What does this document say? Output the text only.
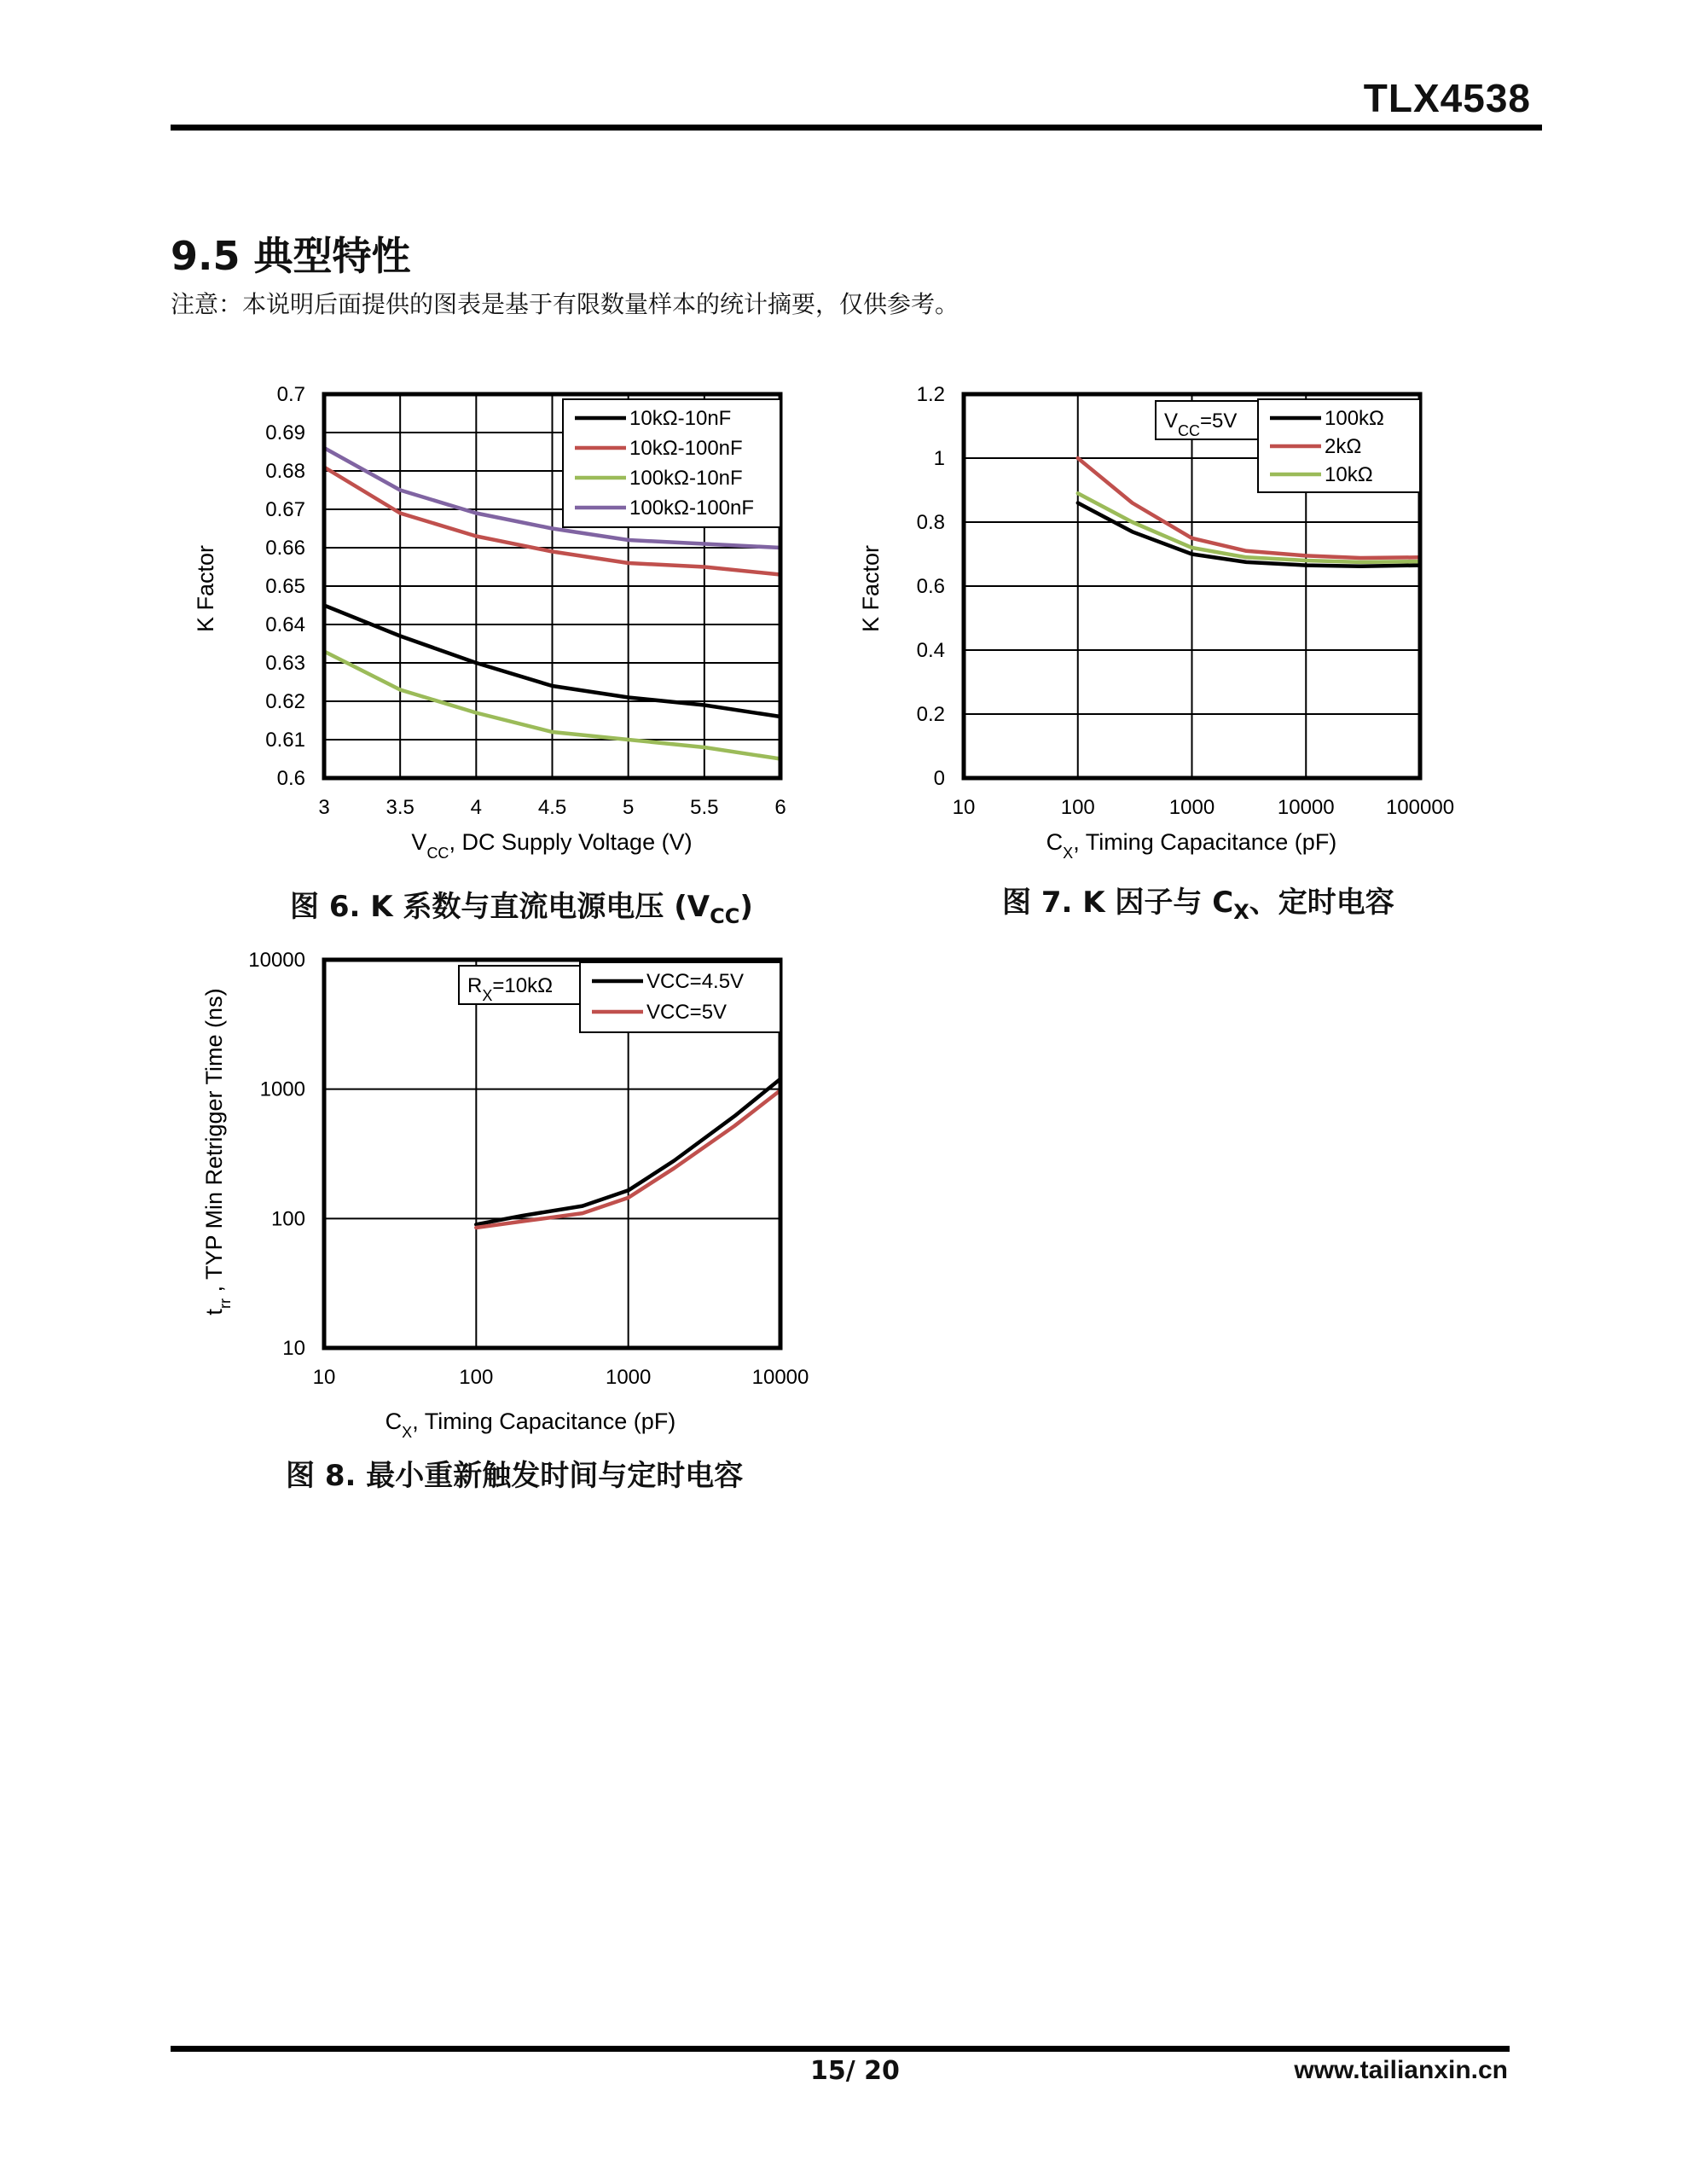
TLX4538
9.5 典型特性
注意：本说明后面提供的图表是基于有限数量样本的统计摘要，仅供参考。
3	3.5	4	4.5	5	5.5	6
0.6
0.61
0.62
0.63
0.64
0.65
0.66
0.67
0.68
0.69
0.7
10kΩ-10nF
10kΩ-100nF
100kΩ-10nF
100kΩ-100nF
$V_{CC}$, DC Supply Voltage (V)
K Factor
10	100	1000	10000	100000
0
0.2
0.4
0.6
0.8
1
1.2
$V_{CC}=5V$	100kΩ
2kΩ
10kΩ
$C_X$, Timing Capacitance (pF)
K Factor
10	100	1000	10000
10
100
1000
10000
$R_X=10k\Omega$	VCC=4.5V
VCC=5V
$C_X$, Timing Capacitance (pF)
$t_{rr}$ , TYP Min Retrigger Time (ns)
图 6. K 系数与直流电源电压 $(V_{CC})$	图 7. K 因子与 $C_X$、定时电容
图 8. 最小重新触发时间与定时电容
15/ 20	www.tailianxin.cn
